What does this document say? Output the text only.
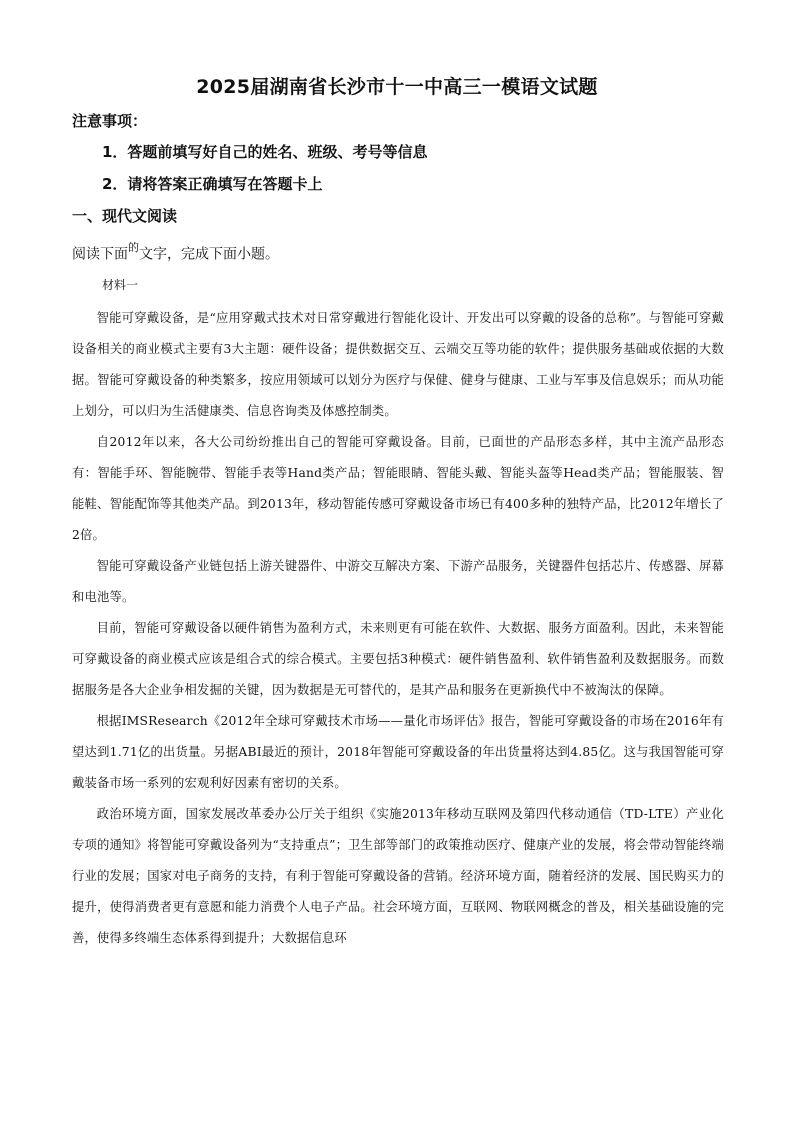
2025届湖南省长沙市十一中高三一模语文试题
注意事项：
1．答题前填写好自己的姓名、班级、考号等信息
2．请将答案正确填写在答题卡上
一、现代文阅读
阅读下面$^的$文字，完成下面小题。
材料一

智能可穿戴设备，是“应用穿戴式技术对日常穿戴进行智能化设计、开发出可以穿戴的设备的总称”。与智能可穿戴设备相关的商业模式主要有3大主题：硬件设备；提供数据交互、云端交互等功能的软件；提供服务基础或依据的大数据。智能可穿戴设备的种类繁多，按应用领域可以划分为医疗与保健、健身与健康、工业与军事及信息娱乐；而从功能上划分，可以归为生活健康类、信息咨询类及体感控制类。

自2012年以来，各大公司纷纷推出自己的智能可穿戴设备。目前，已面世的产品形态多样，其中主流产品形态有：智能手环、智能腕带、智能手表等Hand类产品；智能眼睛、智能头戴、智能头盔等Head类产品；智能服装、智能鞋、智能配饰等其他类产品。到2013年，移动智能传感可穿戴设备市场已有400多种的独特产品，比2012年增长了2倍。

智能可穿戴设备产业链包括上游关键器件、中游交互解决方案、下游产品服务，关键器件包括芯片、传感器、屏幕和电池等。

目前，智能可穿戴设备以硬件销售为盈利方式，未来则更有可能在软件、大数据、服务方面盈利。因此，未来智能可穿戴设备的商业模式应该是组合式的综合模式。主要包括3种模式：硬件销售盈利、软件销售盈利及数据服务。而数据服务是各大企业争相发掘的关键，因为数据是无可替代的，是其产品和服务在更新换代中不被淘汰的保障。

根据IMSResearch《2012年全球可穿戴技术市场——量化市场评估》报告，智能可穿戴设备的市场在2016年有望达到1.71亿的出货量。另据ABI最近的预计，2018年智能可穿戴设备的年出货量将达到4.85亿。这与我国智能可穿戴装备市场一系列的宏观利好因素有密切的关系。

政治环境方面，国家发展改革委办公厅关于组织《实施2013年移动互联网及第四代移动通信（TD-LTE）产业化专项的通知》将智能可穿戴设备列为“支持重点”；卫生部等部门的政策推动医疗、健康产业的发展，将会带动智能终端行业的发展；国家对电子商务的支持，有利于智能可穿戴设备的营销。经济环境方面，随着经济的发展、国民购买力的提升，使得消费者更有意愿和能力消费个人电子产品。社会环境方面，互联网、物联网概念的普及，相关基础设施的完善，使得多终端生态体系得到提升；大数据信息环
